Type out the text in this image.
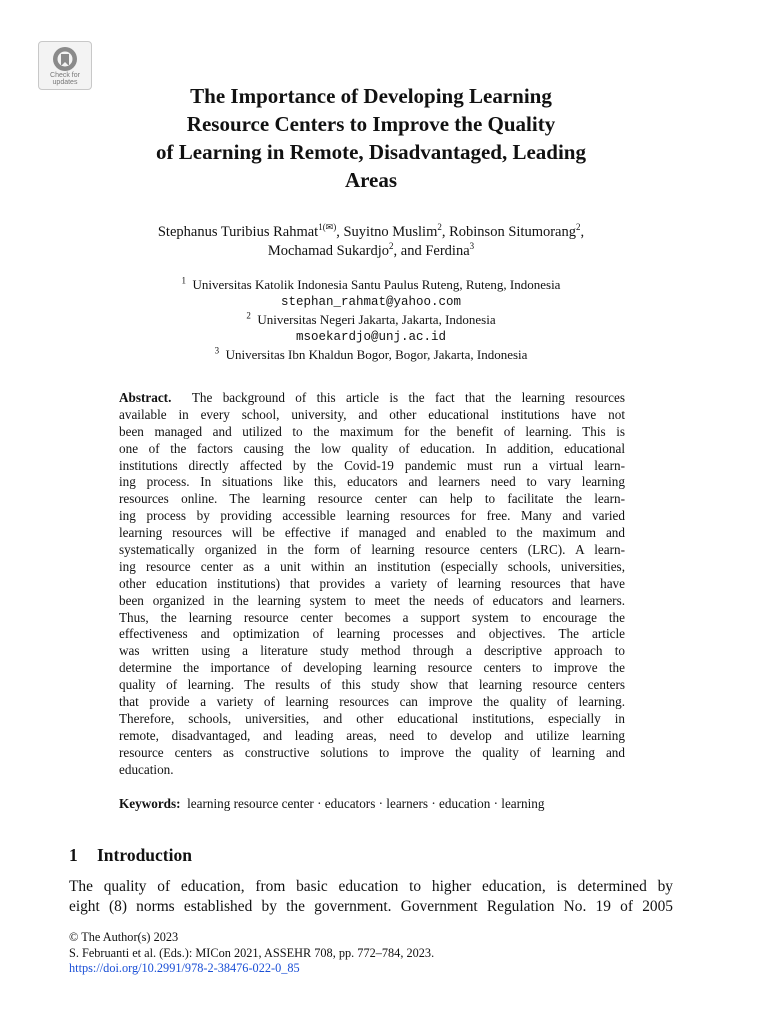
Check for
updates
The Importance of Developing Learning
Resource Centers to Improve the Quality
of Learning in Remote, Disadvantaged, Leading
Areas
Stephanus Turibius Rahmat$^{1(✉)}$, Suyitno Muslim$^2$, Robinson Situmorang$^2$,
Mochamad Sukardjo$^2$, and Ferdina$^3$
$^1$ Universitas Katolik Indonesia Santu Paulus Ruteng, Ruteng, Indonesia
stephan_rahmat@yahoo.com
$^2$ Universitas Negeri Jakarta, Jakarta, Indonesia
msoekardjo@unj.ac.id
$^3$ Universitas Ibn Khaldun Bogor, Bogor, Jakarta, Indonesia
Abstract. The background of this article is the fact that the learning resources
available in every school, university, and other educational institutions have not
been managed and utilized to the maximum for the benefit of learning. This is
one of the factors causing the low quality of education. In addition, educational
institutions directly affected by the Covid-19 pandemic must run a virtual learn-
ing process. In situations like this, educators and learners need to vary learning
resources online. The learning resource center can help to facilitate the learn-
ing process by providing accessible learning resources for free. Many and varied
learning resources will be effective if managed and enabled to the maximum and
systematically organized in the form of learning resource centers (LRC). A learn-
ing resource center as a unit within an institution (especially schools, universities,
other education institutions) that provides a variety of learning resources that have
been organized in the learning system to meet the needs of educators and learners.
Thus, the learning resource center becomes a support system to encourage the
effectiveness and optimization of learning processes and objectives. The article
was written using a literature study method through a descriptive approach to
determine the importance of developing learning resource centers to improve the
quality of learning. The results of this study show that learning resource centers
that provide a variety of learning resources can improve the quality of learning.
Therefore, schools, universities, and other educational institutions, especially in
remote, disadvantaged, and leading areas, need to develop and utilize learning
resource centers as constructive solutions to improve the quality of learning and
education.
Keywords: learning resource center · educators · learners · education · learning
1 Introduction
The quality of education, from basic education to higher education, is determined by
eight (8) norms established by the government. Government Regulation No. 19 of 2005
© The Author(s) 2023
S. Februanti et al. (Eds.): MICon 2021, ASSEHR 708, pp. 772–784, 2023.
https://doi.org/10.2991/978-2-38476-022-0_85
